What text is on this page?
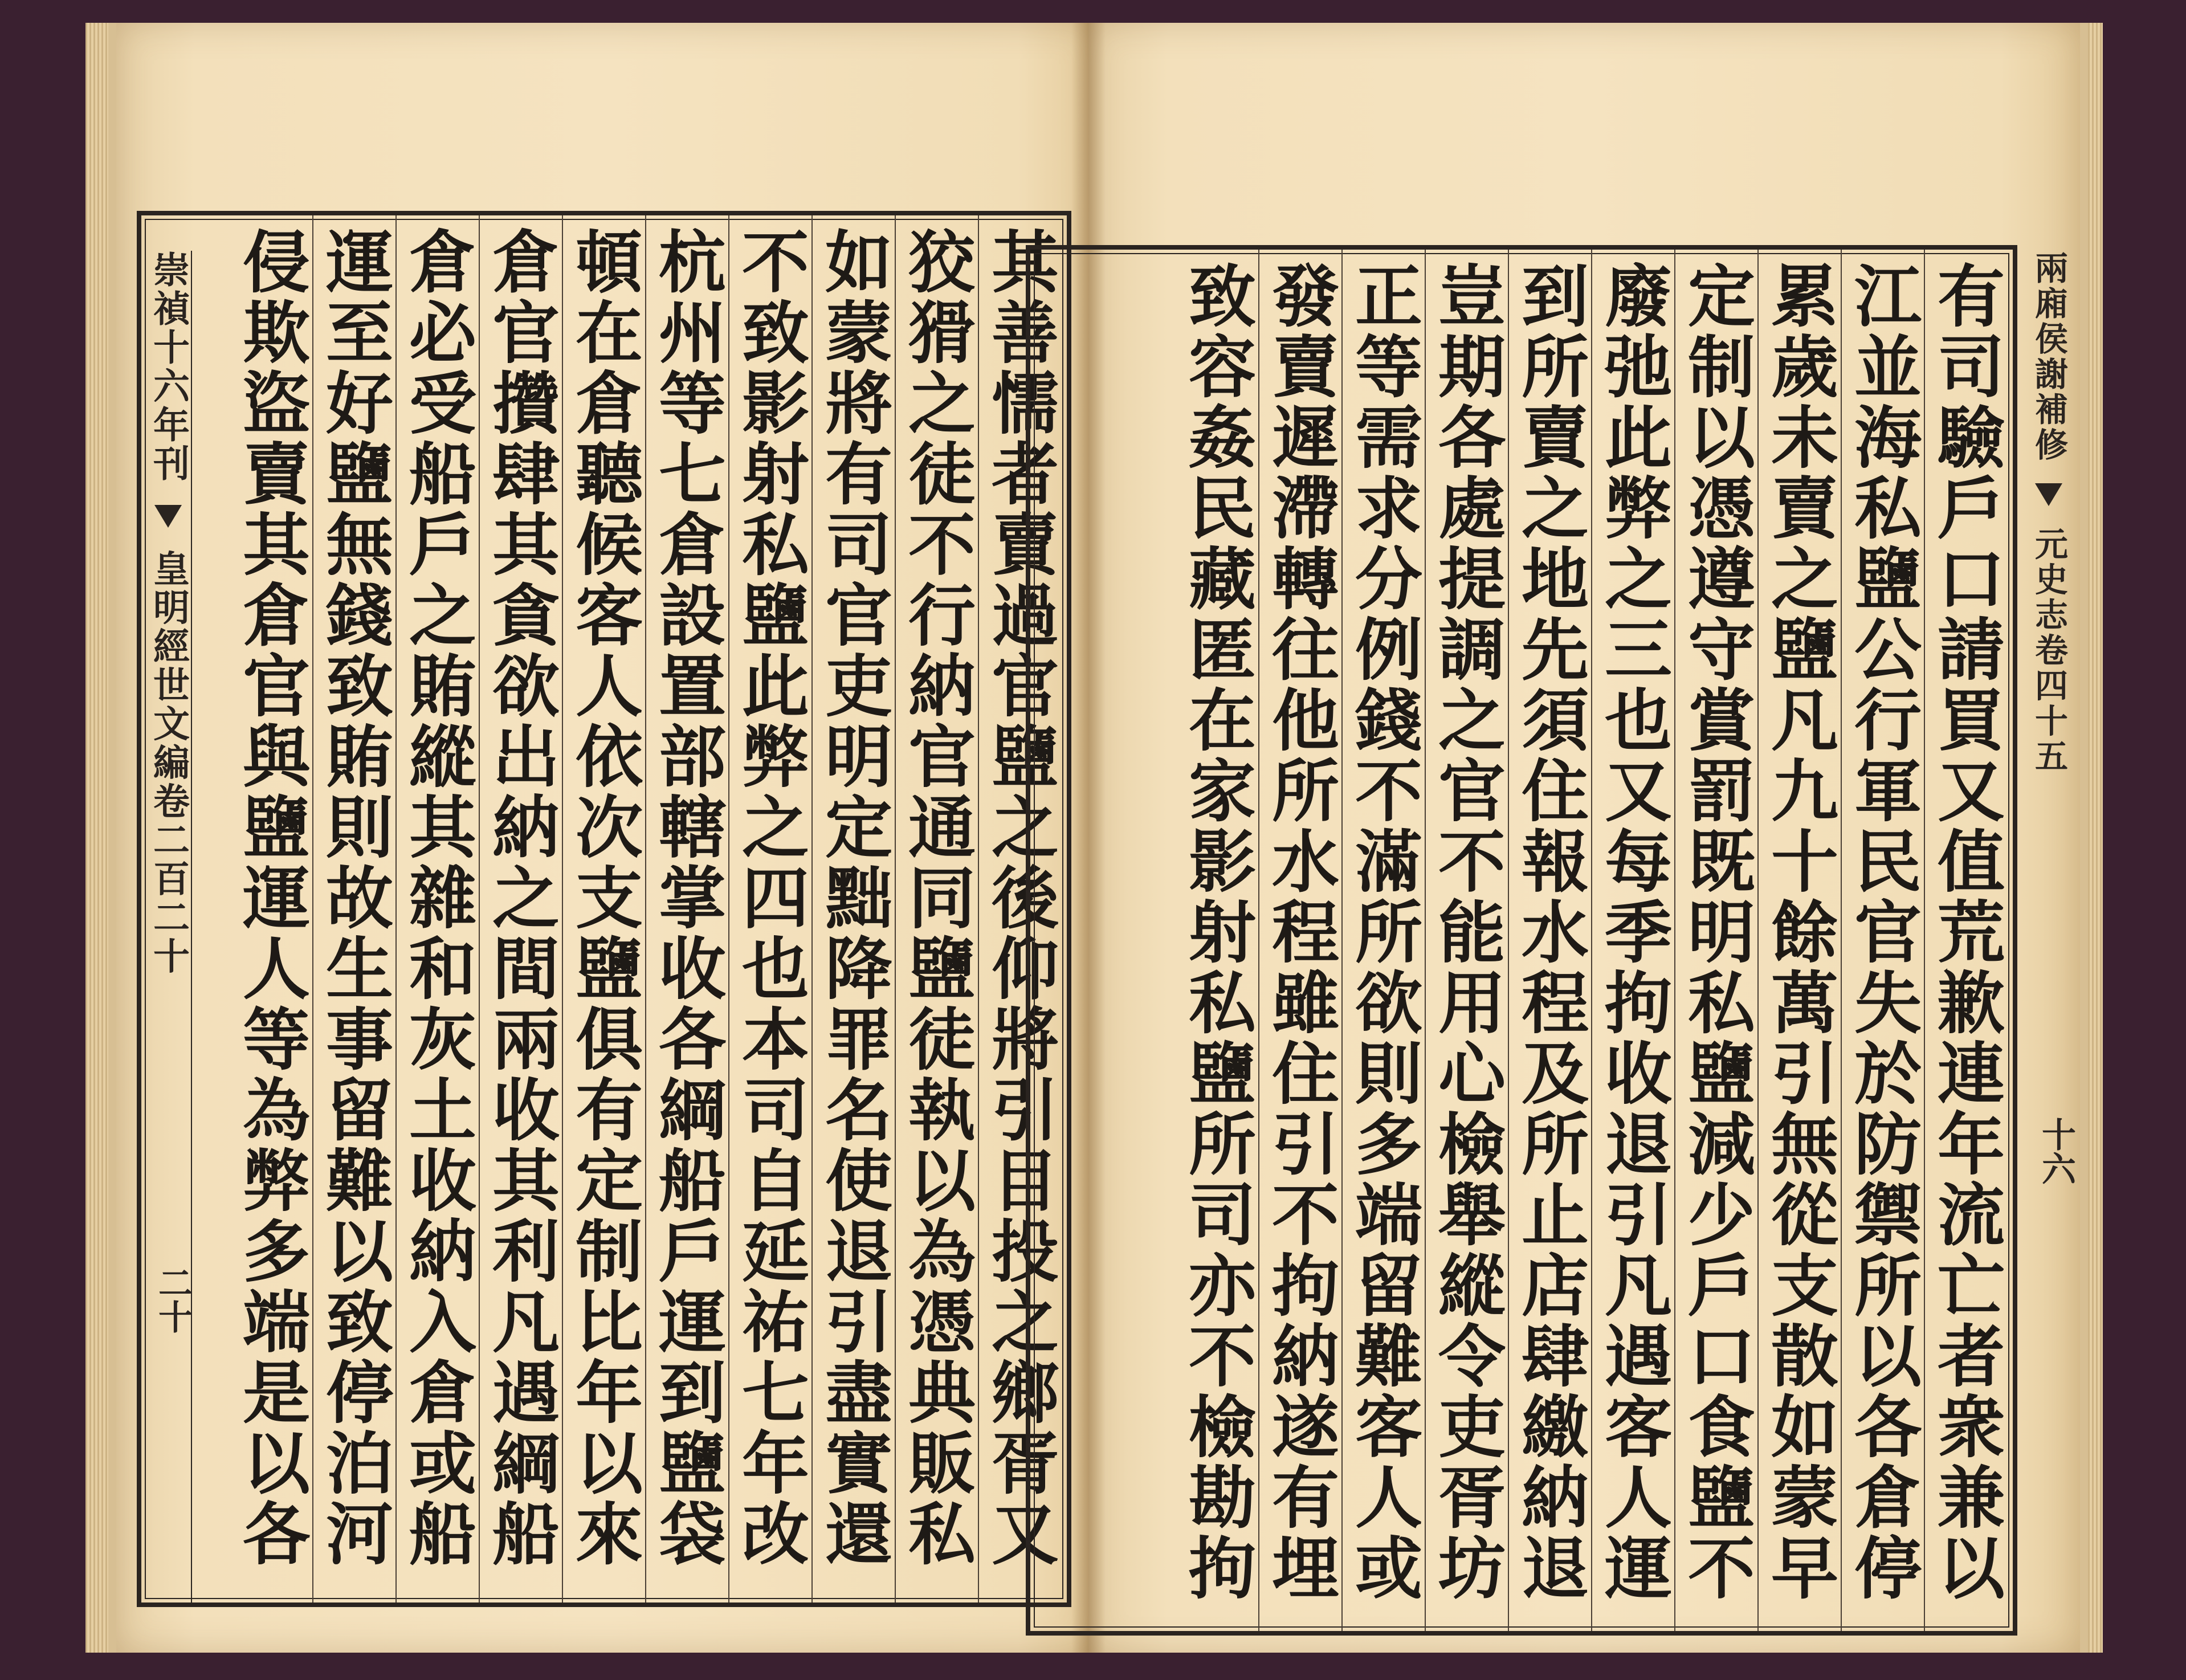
其善懦者賣過官鹽之後仰將引目投之鄉胥又
狡猾之徒不行納官通同鹽徒執以為憑典販私
如蒙將有司官吏明定黜降罪名使退引盡實還
不致影射私鹽此弊之四也本司自延祐七年改
杭州等七倉設置部轄掌收各綱船戶運到鹽袋
頓在倉聽候客人依次支鹽俱有定制比年以來
倉官攢肆其貪欲出納之間兩收其利凡遇綱船
倉必受船戶之賄縱其雜和灰土收納入倉或船
運至好鹽無錢致賄則故生事留難以致停泊河
侵欺盜賣其倉官與鹽運人等為弊多端是以各
崇禎十六年刊  皇明經世文編卷二百二十
二十
有司驗戶口請買又值荒歉連年流亡者衆兼以
江並海私鹽公行軍民官失於防禦所以各倉停
累歲未賣之鹽凡九十餘萬引無從支散如蒙早
定制以憑遵守賞罰既明私鹽減少戶口食鹽不
廢弛此弊之三也又每季拘收退引凡遇客人運
到所賣之地先須住報水程及所止店肆繳納退
豈期各處提調之官不能用心檢舉縱令吏胥坊
正等需求分例錢不滿所欲則多端留難客人或
發賣遲滯轉往他所水程雖住引不拘納遂有埋
致容姦民藏匿在家影射私鹽所司亦不檢勘拘
兩廂侯謝補修  元史志卷四十五
十六
